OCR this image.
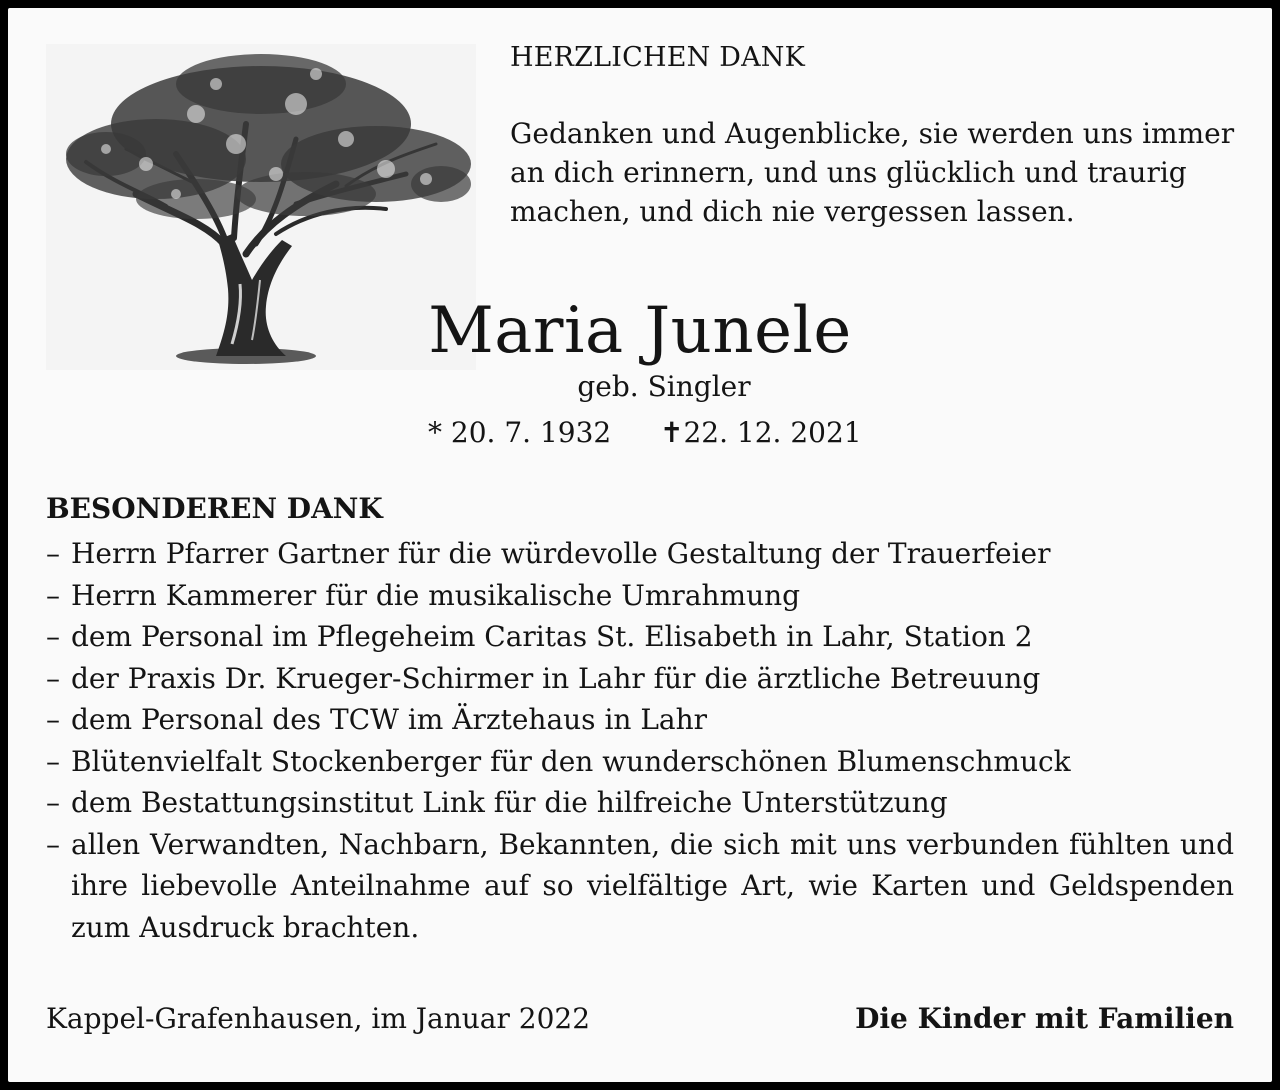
HERZLICHEN DANK
Gedanken und Augenblicke, sie werden uns immer an dich erinnern, und uns glücklich und traurig machen, und dich nie vergessen lassen.
Maria Junele
geb. Singler
* 20. 7. 1932 ✝22. 12. 2021
BESONDEREN DANK
– Herrn Pfarrer Gartner für die würdevolle Gestaltung der Trauerfeier
– Herrn Kammerer für die musikalische Umrahmung
– dem Personal im Pflegeheim Caritas St. Elisabeth in Lahr, Station 2
– der Praxis Dr. Krueger-Schirmer in Lahr für die ärztliche Betreuung
– dem Personal des TCW im Ärztehaus in Lahr
– Blütenvielfalt Stockenberger für den wunderschönen Blumenschmuck
– dem Bestattungsinstitut Link für die hilfreiche Unterstützung
– allen Verwandten, Nachbarn, Bekannten, die sich mit uns verbunden fühlten und ihre liebevolle Anteilnahme auf so vielfältige Art, wie Karten und Geldspenden zum Ausdruck brachten.
Kappel-Grafenhausen, im Januar 2022	Die Kinder mit Familien
